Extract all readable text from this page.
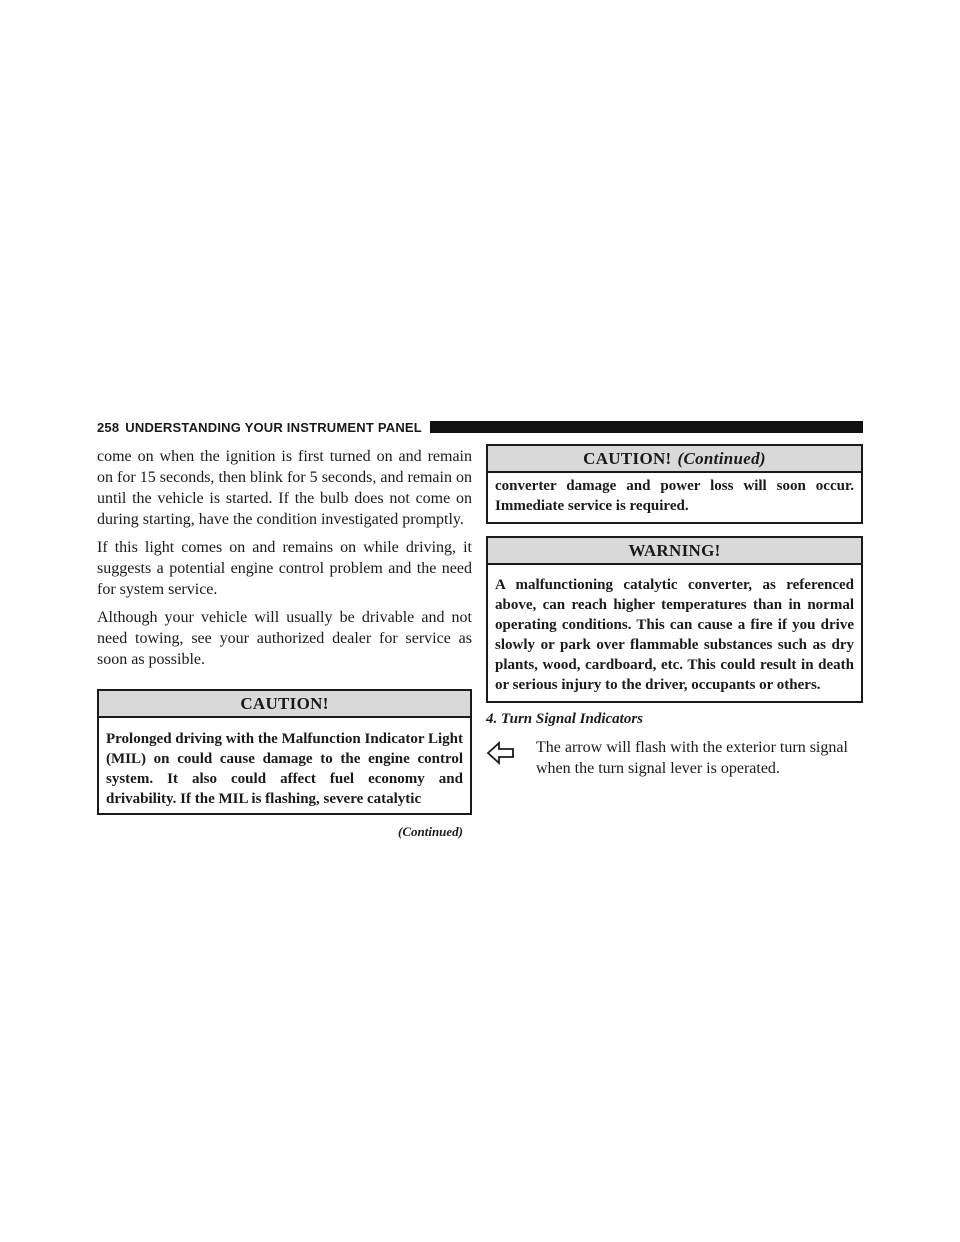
258 UNDERSTANDING YOUR INSTRUMENT PANEL

come on when the ignition is first turned on and remain on for 15 seconds, then blink for 5 seconds, and remain on until the vehicle is started. If the bulb does not come on during starting, have the condition investigated promptly.

If this light comes on and remains on while driving, it suggests a potential engine control problem and the need for system service.

Although your vehicle will usually be drivable and not need towing, see your authorized dealer for service as soon as possible.

CAUTION!
Prolonged driving with the Malfunction Indicator Light (MIL) on could cause damage to the engine control system. It also could affect fuel economy and drivability. If the MIL is flashing, severe catalytic
(Continued)
CAUTION! (Continued)
converter damage and power loss will soon occur. Immediate service is required.
WARNING!
A malfunctioning catalytic converter, as referenced above, can reach higher temperatures than in normal operating conditions. This can cause a fire if you drive slowly or park over flammable substances such as dry plants, wood, cardboard, etc. This could result in death or serious injury to the driver, occupants or others.
4. Turn Signal Indicators
The arrow will flash with the exterior turn signal when the turn signal lever is operated.
